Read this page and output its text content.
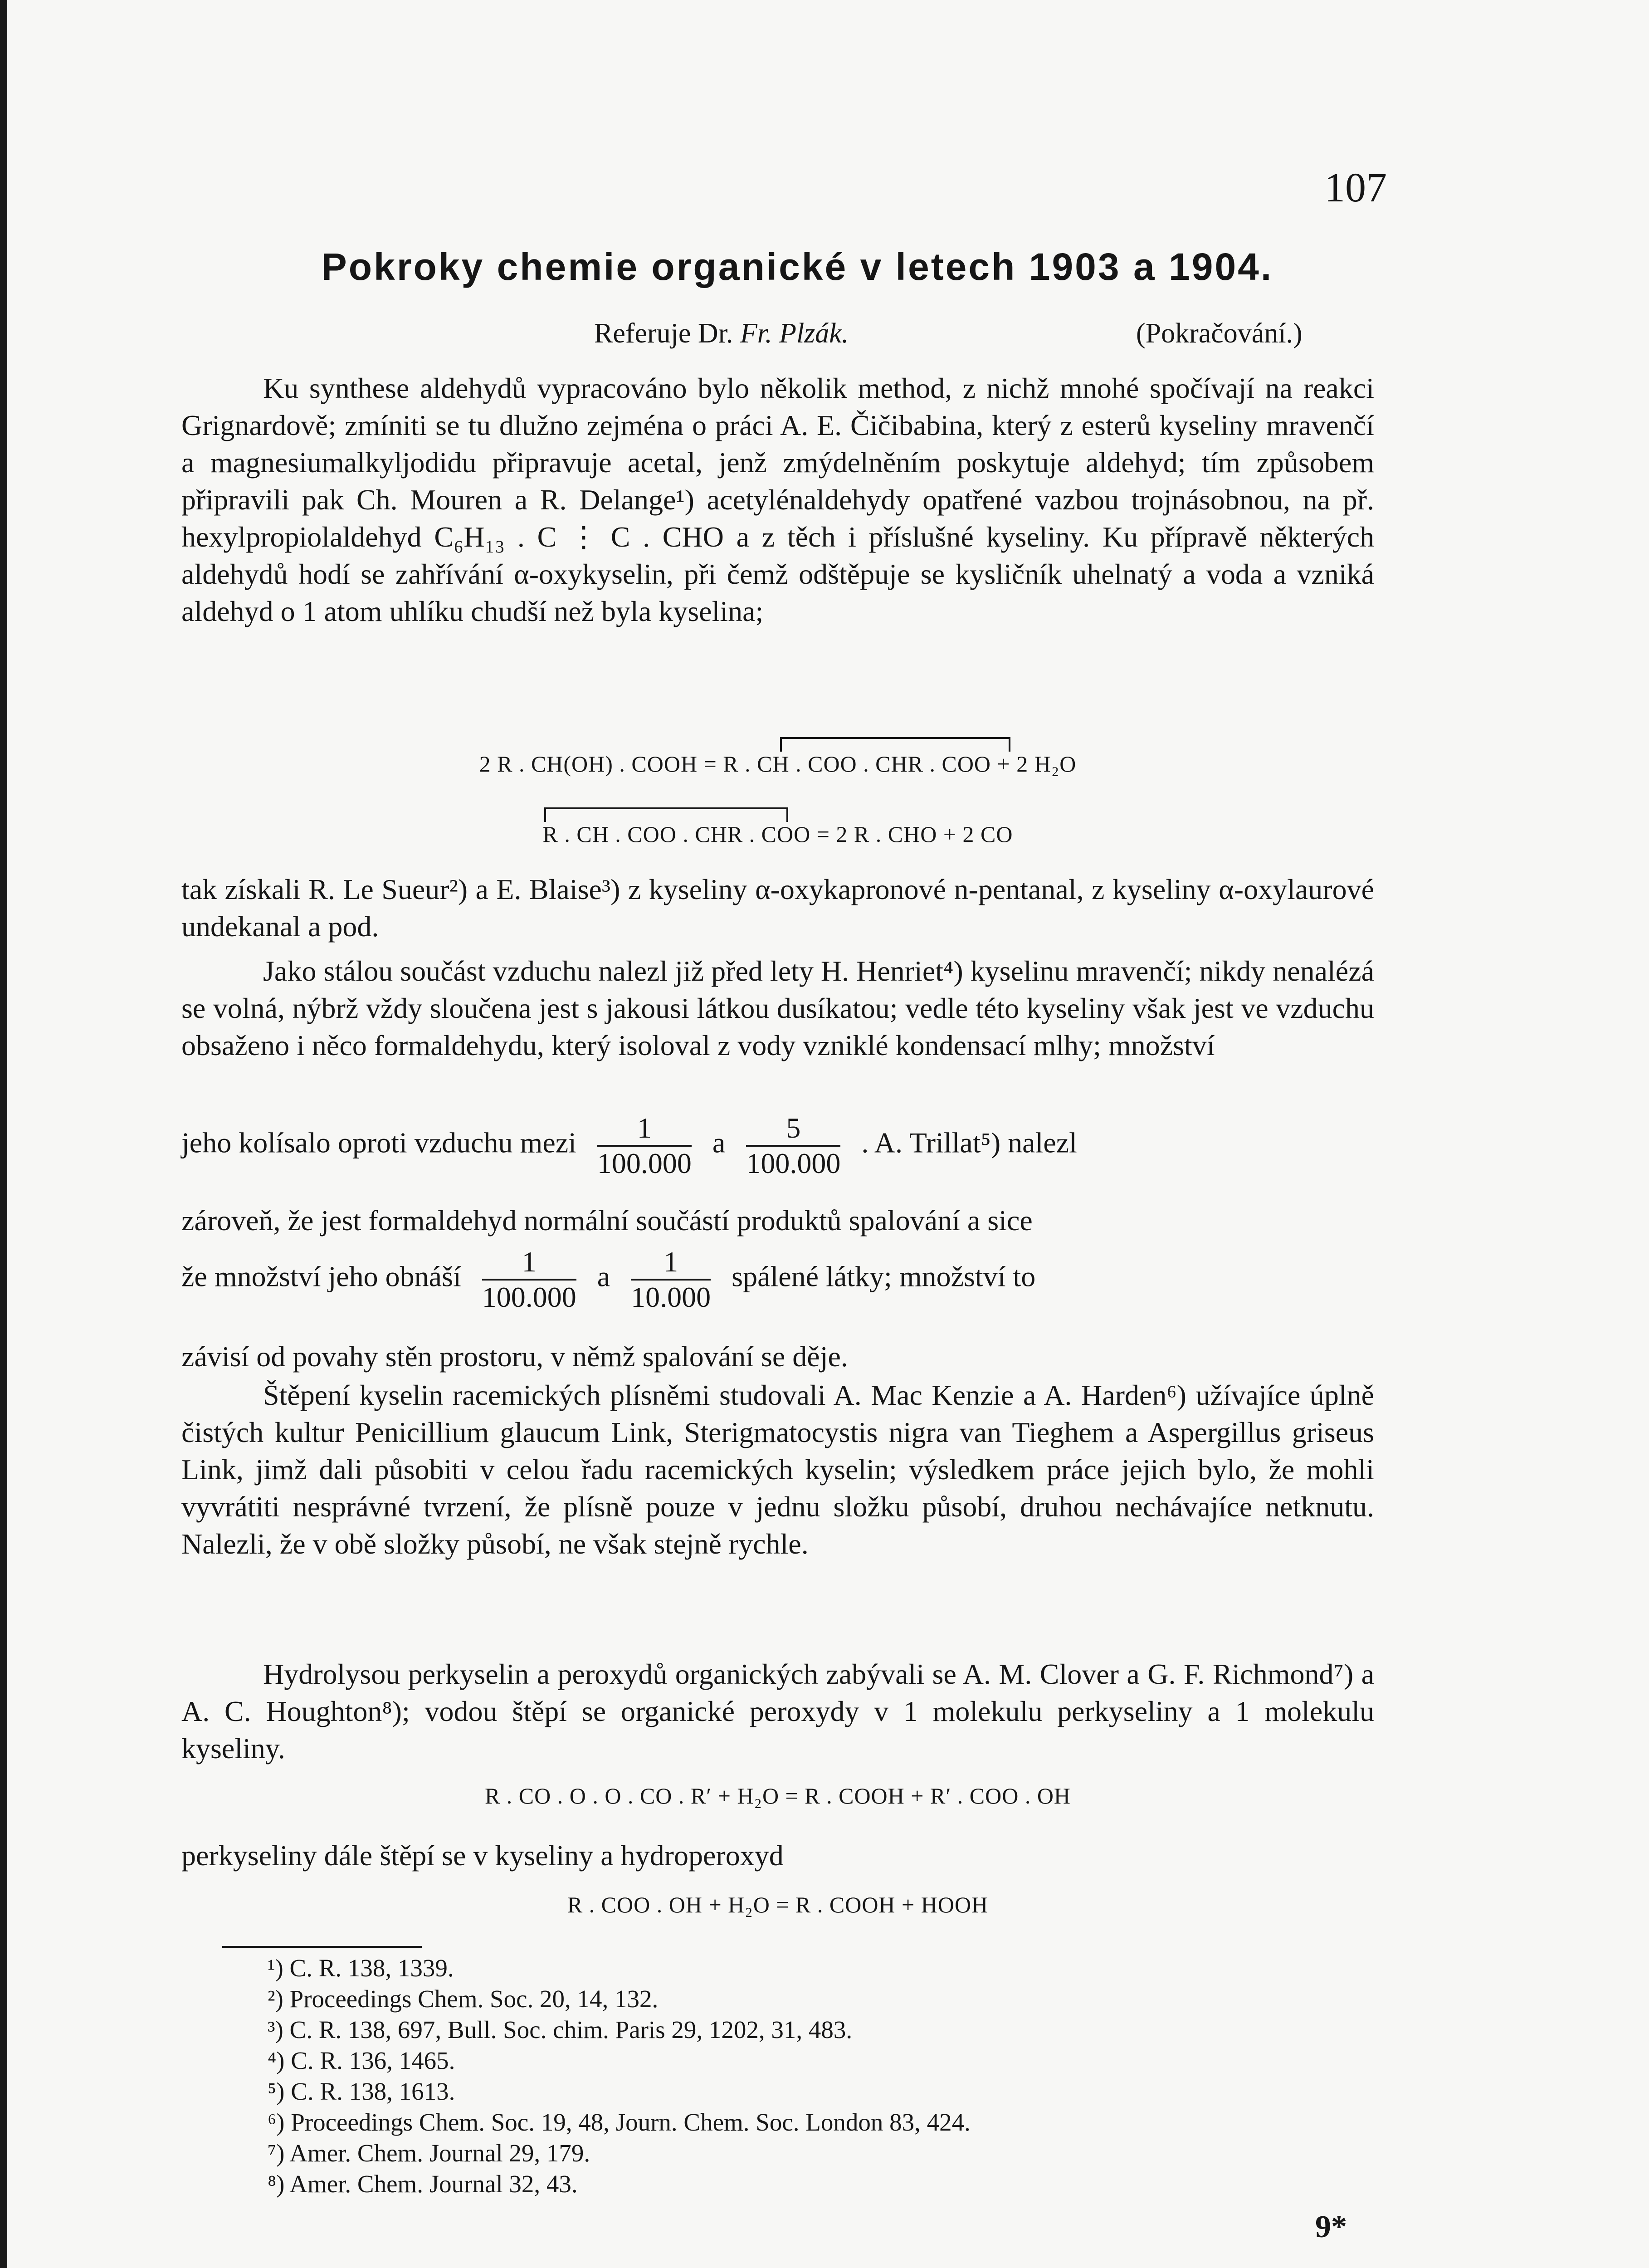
107
Pokroky chemie organické v letech 1903 a 1904.
Referuje Dr. Fr. Plzák.	(Pokračování.)
Ku synthese aldehydů vypracováno bylo několik method, z nichž mnohé spočívají na reakci Grignardově; zmíniti se tu dlužno zejména o práci A. E. Čičibabina, který z esterů kyseliny mravenčí a magnesiumalkyljodidu připravuje acetal, jenž zmýdelněním poskytuje aldehyd; tím způsobem připravili pak Ch. Mouren a R. Delange¹) acetylénaldehydy opatřené vazbou trojnásobnou, na př. hexylpropiolaldehyd C₆H₁₃ . C ⋮ C . CHO a z těch i příslušné kyseliny. Ku přípravě některých aldehydů hodí se zahřívání α-oxykyselin, při čemž odštěpuje se kysličník uhelnatý a voda a vzniká aldehyd o 1 atom uhlíku chudší než byla kyselina;
2 R . CH(OH) . COOH = R . CH . COO . CHR . COO + 2 H₂O
R . CH . COO . CHR . COO = 2 R . CHO + 2 CO
tak získali R. Le Sueur²) a E. Blaise³) z kyseliny α-oxykapronové n-pentanal, z kyseliny α-oxylaurové undekanal a pod.
Jako stálou součást vzduchu nalezl již před lety H. Henriet⁴) kyselinu mravenčí; nikdy nenalézá se volná, nýbrž vždy sloučena jest s jakousi látkou dusíkatou; vedle této kyseliny však jest ve vzduchu obsaženo i něco formaldehydu, který isoloval z vody vzniklé kondensací mlhy; množství
jeho kolísalo oproti vzduchu mezi $\frac{1}{100.000}$ a $\frac{5}{100.000}$ . A. Trillat⁵) nalezl
zároveň, že jest formaldehyd normální součástí produktů spalování a sice
že množství jeho obnáší $\frac{1}{100.000}$ a $\frac{1}{10.000}$ spálené látky; množství to
závisí od povahy stěn prostoru, v němž spalování se děje.
Štěpení kyselin racemických plísněmi studovali A. Mac Kenzie a A. Harden⁶) užívajíce úplně čistých kultur Penicillium glaucum Link, Sterigmatocystis nigra van Tieghem a Aspergillus griseus Link, jimž dali působiti v celou řadu racemických kyselin; výsledkem práce jejich bylo, že mohli vyvrátiti nesprávné tvrzení, že plísně pouze v jednu složku působí, druhou nechávajíce netknutu. Nalezli, že v obě složky působí, ne však stejně rychle.
Hydrolysou perkyselin a peroxydů organických zabývali se A. M. Clover a G. F. Richmond⁷) a A. C. Houghton⁸); vodou štěpí se organické peroxydy v 1 molekulu perkyseliny a 1 molekulu kyseliny.
R . CO . O . O . CO . R′ + H₂O = R . COOH + R′ . COO . OH
perkyseliny dále štěpí se v kyseliny a hydroperoxyd
R . COO . OH + H₂O = R . COOH + HOOH
¹) C. R. 138, 1339.
²) Proceedings Chem. Soc. 20, 14, 132.
³) C. R. 138, 697, Bull. Soc. chim. Paris 29, 1202, 31, 483.
⁴) C. R. 136, 1465.
⁵) C. R. 138, 1613.
⁶) Proceedings Chem. Soc. 19, 48, Journ. Chem. Soc. London 83, 424.
⁷) Amer. Chem. Journal 29, 179.
⁸) Amer. Chem. Journal 32, 43.
9*
